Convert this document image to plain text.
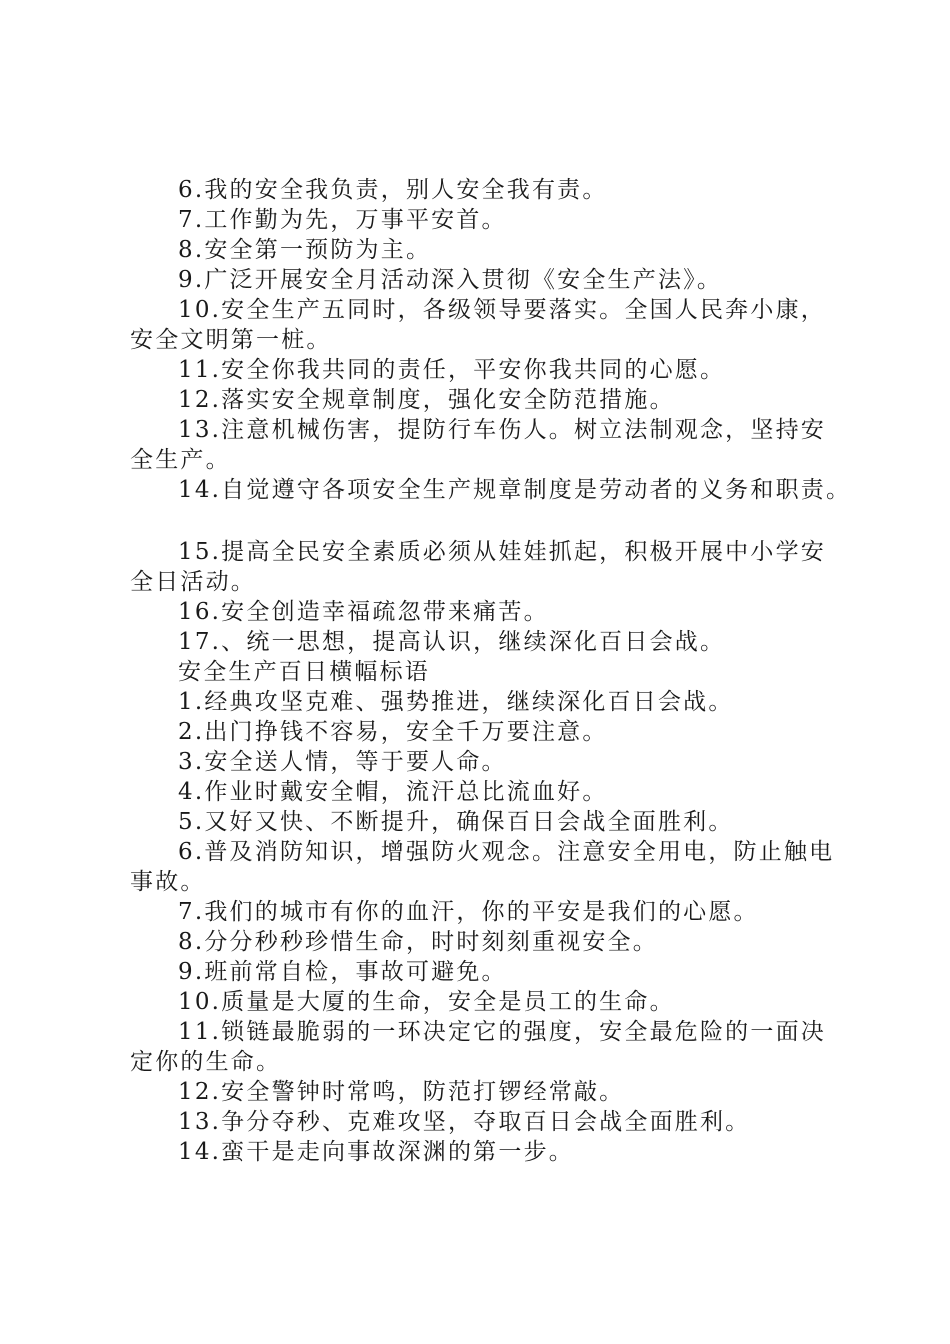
6.我的安全我负责，别人安全我有责。

7.工作勤为先，万事平安首。

8.安全第一预防为主。

9.广泛开展安全月活动深入贯彻《安全生产法》。

10.安全生产五同时，各级领导要落实。全国人民奔小康，安全文明第一桩。

11.安全你我共同的责任，平安你我共同的心愿。

12.落实安全规章制度，强化安全防范措施。

13.注意机械伤害，提防行车伤人。树立法制观念，坚持安全生产。

14.自觉遵守各项安全生产规章制度是劳动者的义务和职责。

15.提高全民安全素质必须从娃娃抓起，积极开展中小学安全日活动。

16.安全创造幸福疏忽带来痛苦。

17.、统一思想，提高认识，继续深化百日会战。

安全生产百日横幅标语

1.经典攻坚克难、强势推进，继续深化百日会战。

2.出门挣钱不容易，安全千万要注意。

3.安全送人情，等于要人命。

4.作业时戴安全帽，流汗总比流血好。

5.又好又快、不断提升，确保百日会战全面胜利。

6.普及消防知识，增强防火观念。注意安全用电，防止触电事故。

7.我们的城市有你的血汗，你的平安是我们的心愿。

8.分分秒秒珍惜生命，时时刻刻重视安全。

9.班前常自检，事故可避免。

10.质量是大厦的生命，安全是员工的生命。

11.锁链最脆弱的一环决定它的强度，安全最危险的一面决定你的生命。

12.安全警钟时常鸣，防范打锣经常敲。

13.争分夺秒、克难攻坚，夺取百日会战全面胜利。

14.蛮干是走向事故深渊的第一步。
